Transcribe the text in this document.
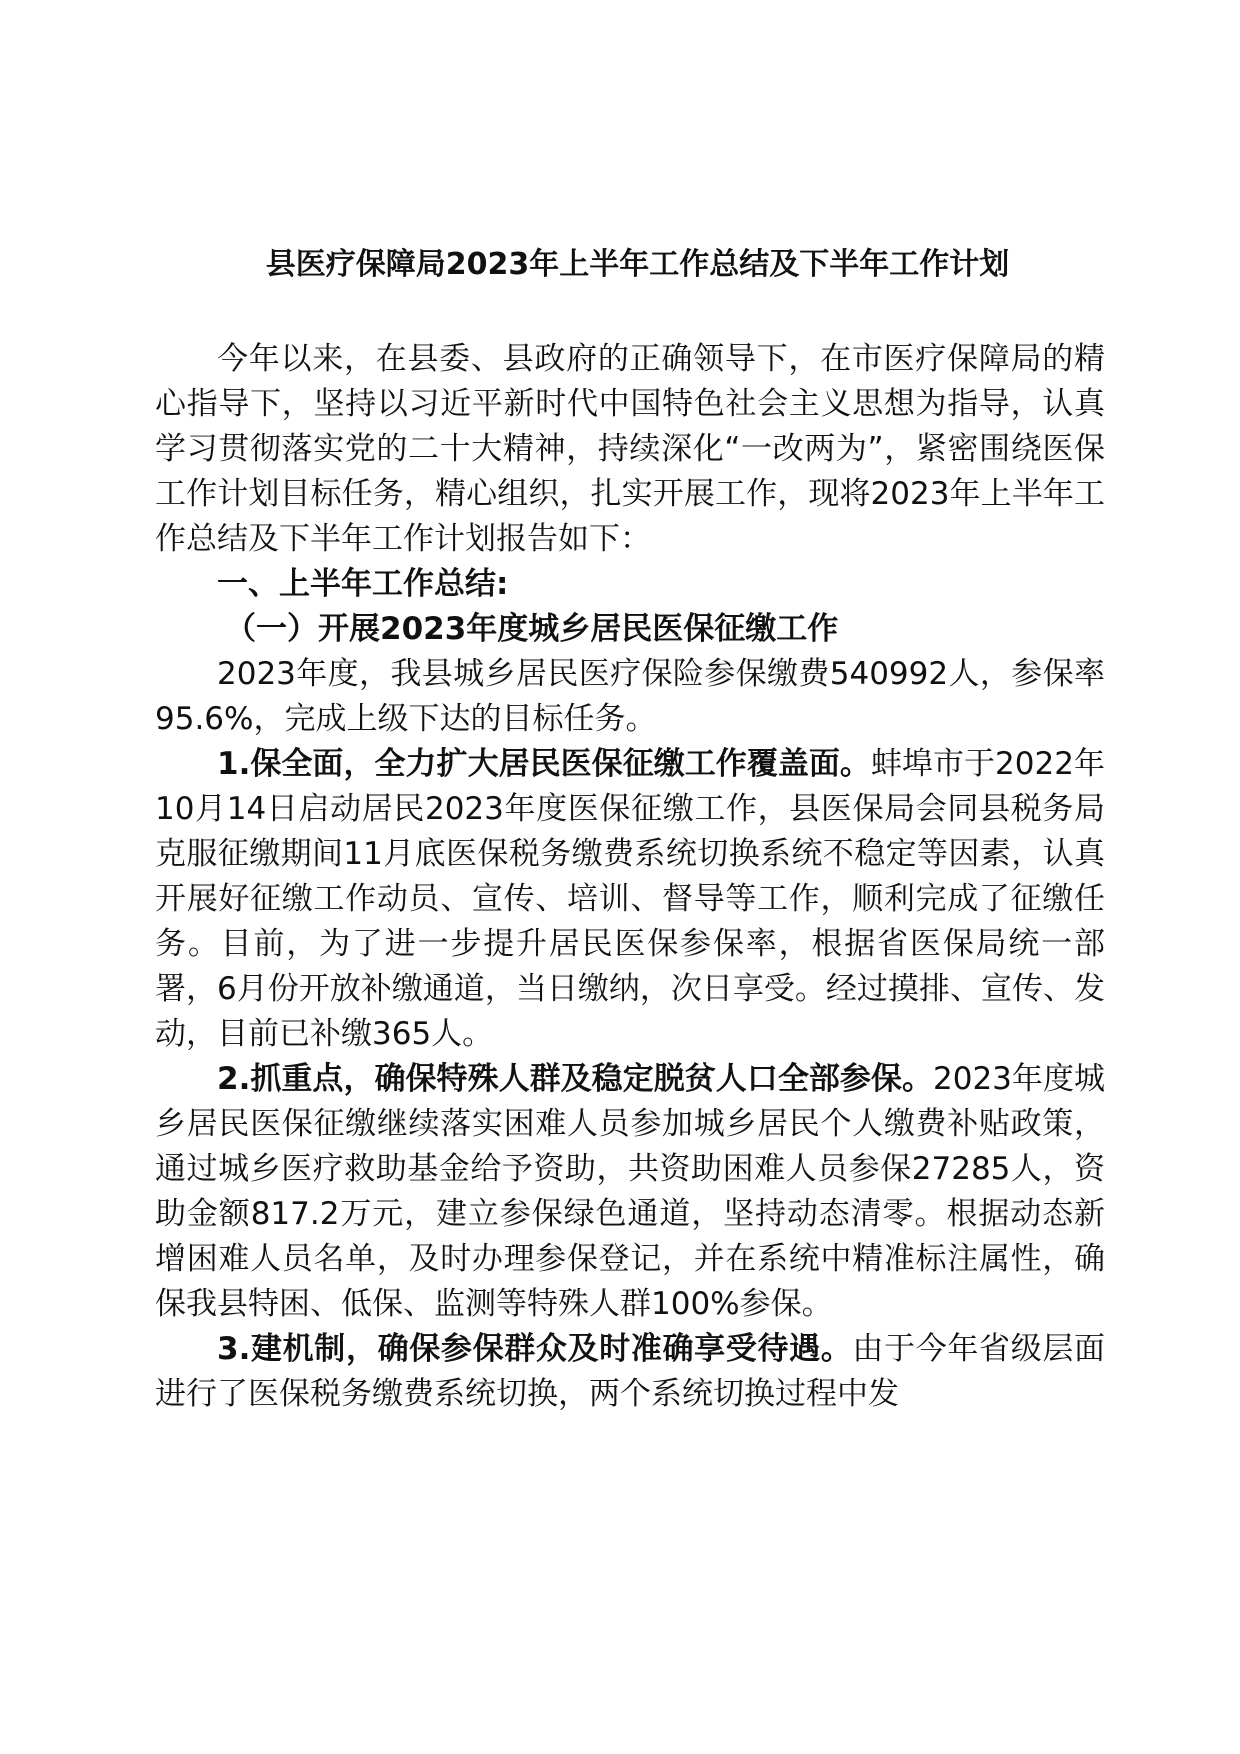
县医疗保障局2023年上半年工作总结及下半年工作计划

今年以来，在县委、县政府的正确领导下，在市医疗保障局的精心指导下，坚持以习近平新时代中国特色社会主义思想为指导，认真学习贯彻落实党的二十大精神，持续深化“一改两为”，紧密围绕医保工作计划目标任务，精心组织，扎实开展工作，现将2023年上半年工作总结及下半年工作计划报告如下：

一、上半年工作总结:

（一）开展2023年度城乡居民医保征缴工作

2023年度，我县城乡居民医疗保险参保缴费540992人，参保率95.6%，完成上级下达的目标任务。

1.保全面，全力扩大居民医保征缴工作覆盖面。蚌埠市于2022年10月14日启动居民2023年度医保征缴工作，县医保局会同县税务局克服征缴期间11月底医保税务缴费系统切换系统不稳定等因素，认真开展好征缴工作动员、宣传、培训、督导等工作，顺利完成了征缴任务。目前，为了进一步提升居民医保参保率，根据省医保局统一部署，6月份开放补缴通道，当日缴纳，次日享受。经过摸排、宣传、发动，目前已补缴365人。

2.抓重点，确保特殊人群及稳定脱贫人口全部参保。2023年度城乡居民医保征缴继续落实困难人员参加城乡居民个人缴费补贴政策，通过城乡医疗救助基金给予资助，共资助困难人员参保27285人，资助金额817.2万元，建立参保绿色通道，坚持动态清零。根据动态新增困难人员名单，及时办理参保登记，并在系统中精准标注属性，确保我县特困、低保、监测等特殊人群100%参保。

3.建机制，确保参保群众及时准确享受待遇。由于今年省级层面进行了医保税务缴费系统切换，两个系统切换过程中发
